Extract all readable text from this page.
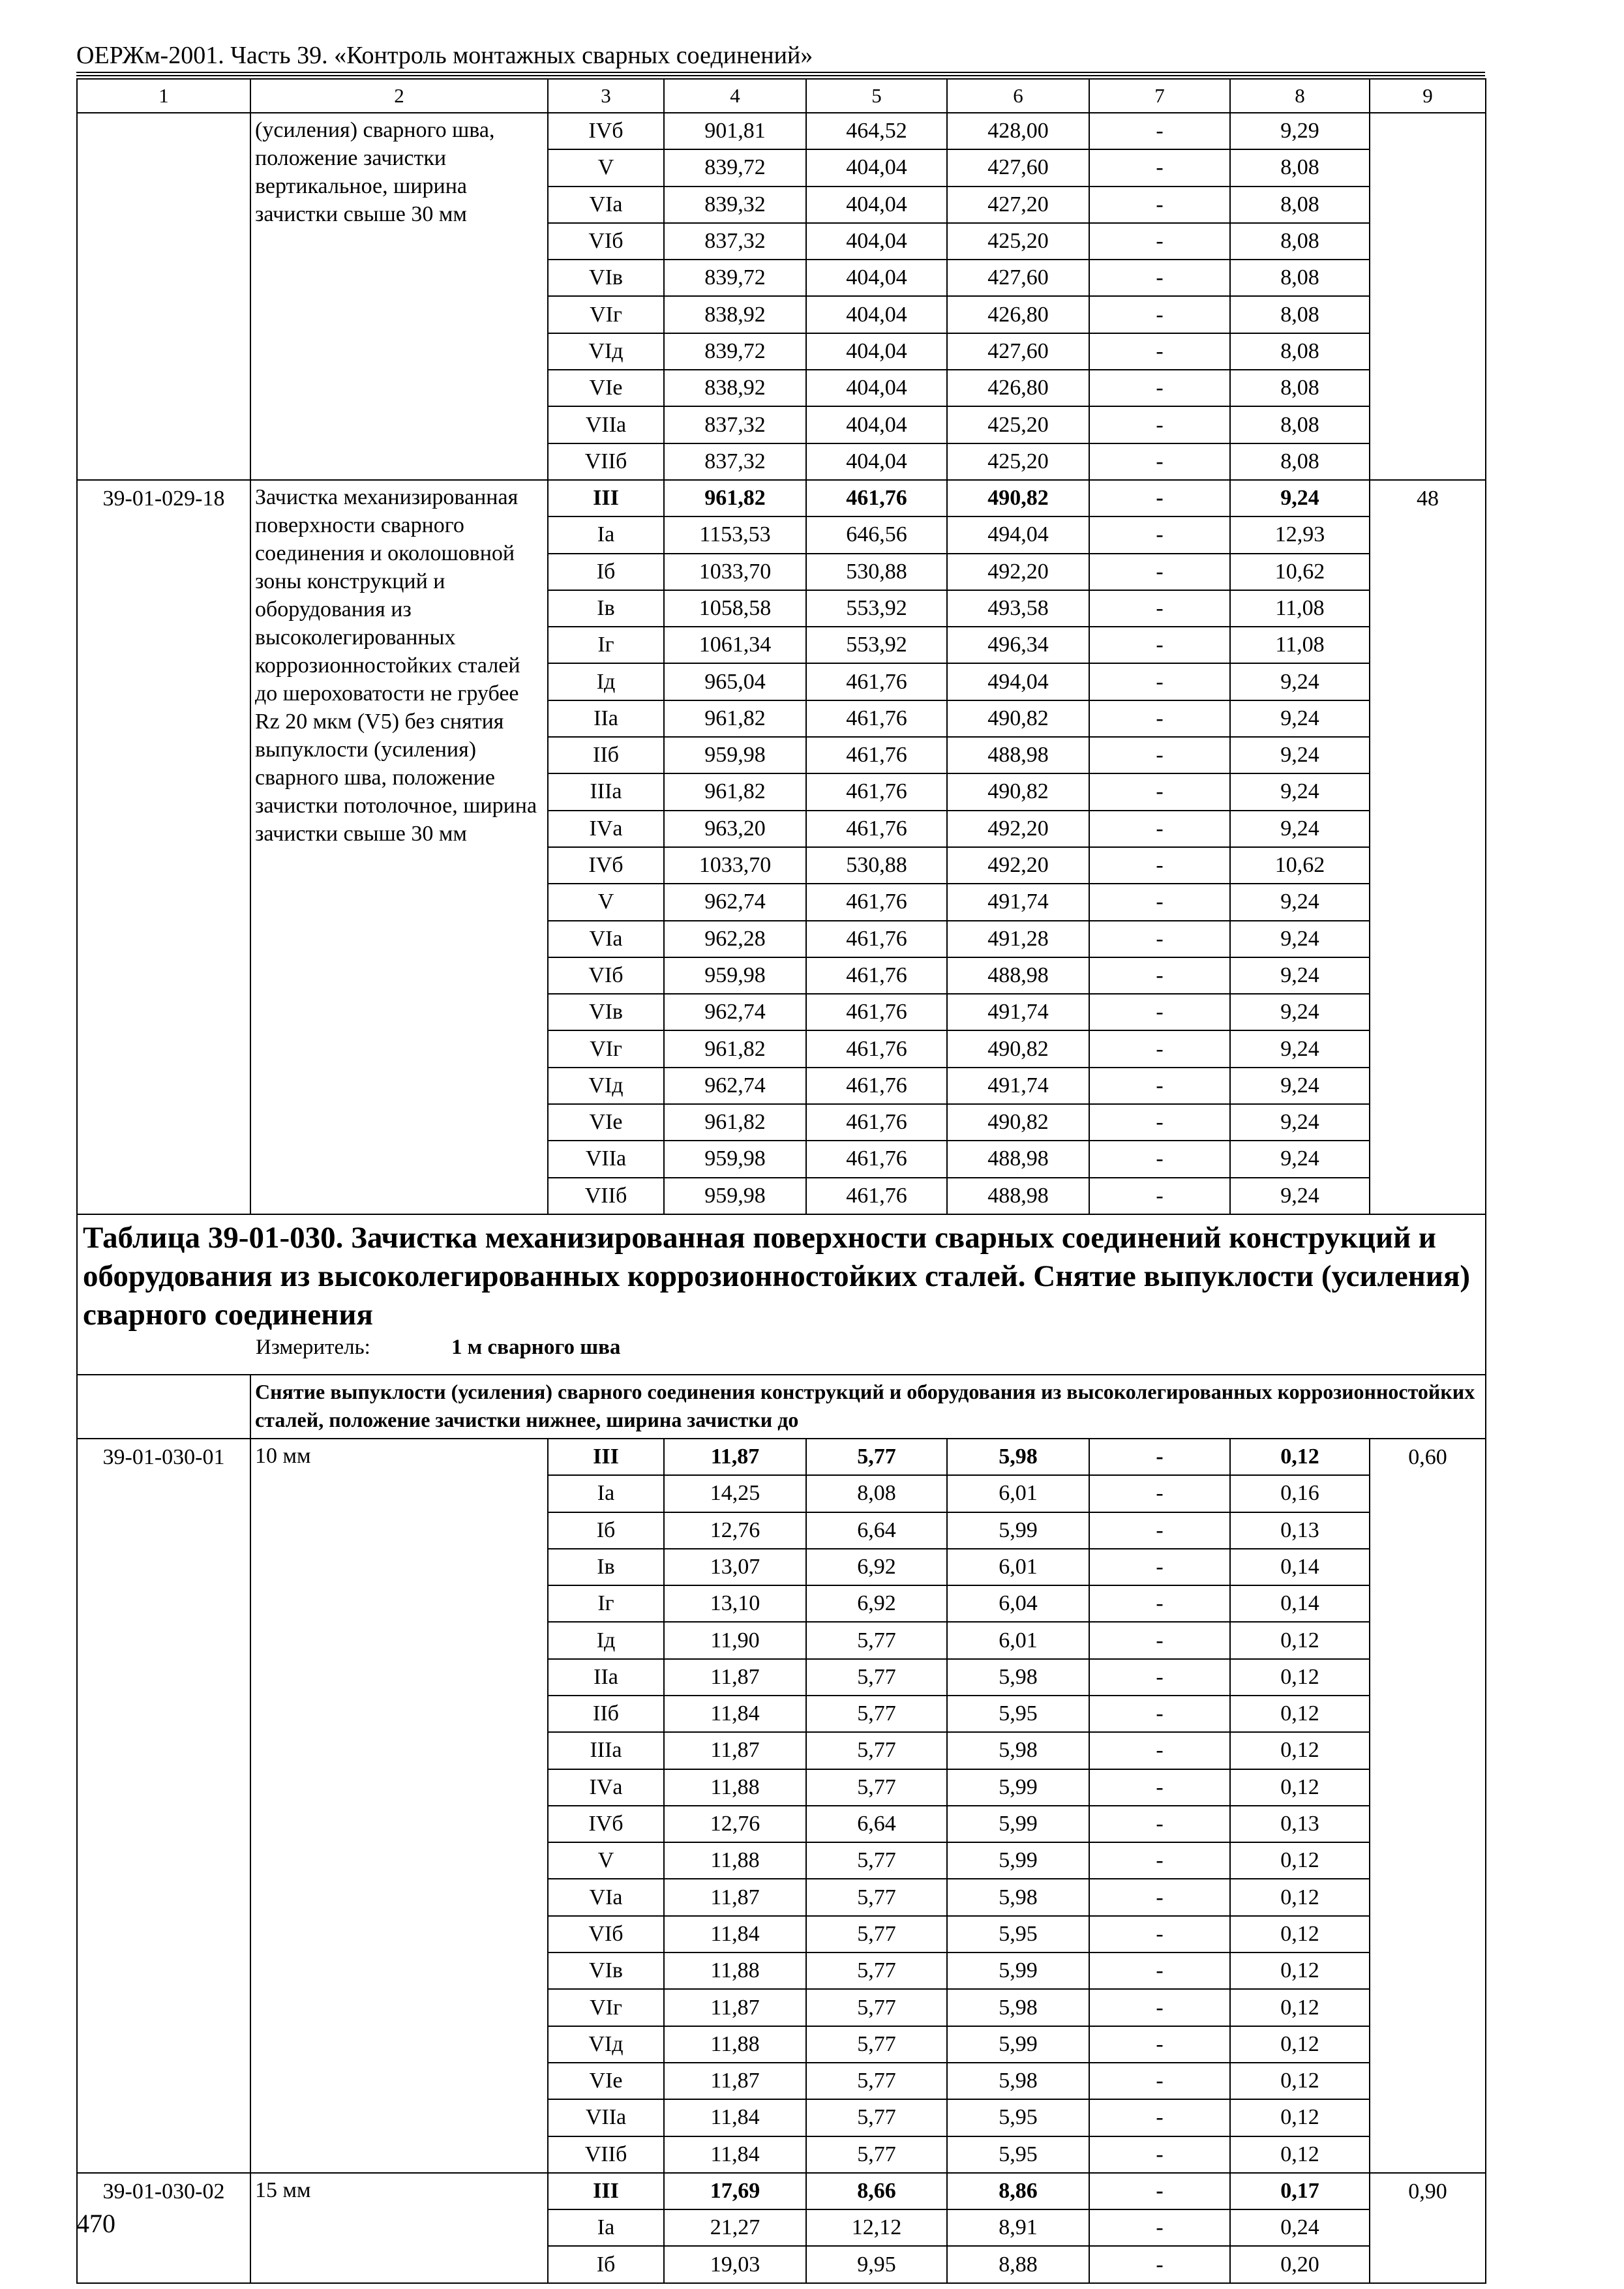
ОЕРЖм-2001. Часть 39. «Контроль монтажных сварных соединений»
1	2	3	4	5	6	7	8	9
	(усиления) сварного шва, положение зачистки вертикальное, ширина зачистки свыше 30 мм	IVб	901,81	464,52	428,00	-	9,29	
		V	839,72	404,04	427,60	-	8,08	
		VIа	839,32	404,04	427,20	-	8,08	
		VIб	837,32	404,04	425,20	-	8,08	
		VIв	839,72	404,04	427,60	-	8,08	
		VIг	838,92	404,04	426,80	-	8,08	
		VIд	839,72	404,04	427,60	-	8,08	
		VIе	838,92	404,04	426,80	-	8,08	
		VIIа	837,32	404,04	425,20	-	8,08	
		VIIб	837,32	404,04	425,20	-	8,08	
39-01-029-18	Зачистка механизированная поверхности сварного соединения и околошовной зоны конструкций и оборудования из высоколегированных коррозионностойких сталей до шероховатости не грубее Rz 20 мкм (V5) без снятия выпуклости (усиления) сварного шва, положение зачистки потолочное, ширина зачистки свыше 30 мм	III	961,82	461,76	490,82	-	9,24	48
		Iа	1153,53	646,56	494,04	-	12,93	
		Iб	1033,70	530,88	492,20	-	10,62	
		Iв	1058,58	553,92	493,58	-	11,08	
		Iг	1061,34	553,92	496,34	-	11,08	
		Iд	965,04	461,76	494,04	-	9,24	
		IIа	961,82	461,76	490,82	-	9,24	
		IIб	959,98	461,76	488,98	-	9,24	
		IIIа	961,82	461,76	490,82	-	9,24	
		IVа	963,20	461,76	492,20	-	9,24	
		IVб	1033,70	530,88	492,20	-	10,62	
		V	962,74	461,76	491,74	-	9,24	
		VIа	962,28	461,76	491,28	-	9,24	
		VIб	959,98	461,76	488,98	-	9,24	
		VIв	962,74	461,76	491,74	-	9,24	
		VIг	961,82	461,76	490,82	-	9,24	
		VIд	962,74	461,76	491,74	-	9,24	
		VIе	961,82	461,76	490,82	-	9,24	
		VIIа	959,98	461,76	488,98	-	9,24	
		VIIб	959,98	461,76	488,98	-	9,24	

Таблица 39-01-030. Зачистка механизированная поверхности сварных соединений конструкций и оборудования из высоколегированных коррозионностойких сталей. Снятие выпуклости (усиления) сварного соединения
Измеритель: 1 м сварного шва								

	Снятие выпуклости (усиления) сварного соединения конструкций и оборудования из высоколегированных коррозионностойких сталей, положение зачистки нижнее, ширина зачистки до							
39-01-030-01	10 мм	III	11,87	5,77	5,98	-	0,12	0,60
		Iа	14,25	8,08	6,01	-	0,16	
		Iб	12,76	6,64	5,99	-	0,13	
		Iв	13,07	6,92	6,01	-	0,14	
		Iг	13,10	6,92	6,04	-	0,14	
		Iд	11,90	5,77	6,01	-	0,12	
		IIа	11,87	5,77	5,98	-	0,12	
		IIб	11,84	5,77	5,95	-	0,12	
		IIIа	11,87	5,77	5,98	-	0,12	
		IVа	11,88	5,77	5,99	-	0,12	
		IVб	12,76	6,64	5,99	-	0,13	
		V	11,88	5,77	5,99	-	0,12	
		VIа	11,87	5,77	5,98	-	0,12	
		VIб	11,84	5,77	5,95	-	0,12	
		VIв	11,88	5,77	5,99	-	0,12	
		VIг	11,87	5,77	5,98	-	0,12	
		VIд	11,88	5,77	5,99	-	0,12	
		VIе	11,87	5,77	5,98	-	0,12	
		VIIа	11,84	5,77	5,95	-	0,12	
		VIIб	11,84	5,77	5,95	-	0,12	
39-01-030-02	15 мм	III	17,69	8,66	8,86	-	0,17	0,90
		Iа	21,27	12,12	8,91	-	0,24	
		Iб	19,03	9,95	8,88	-	0,20	
470
